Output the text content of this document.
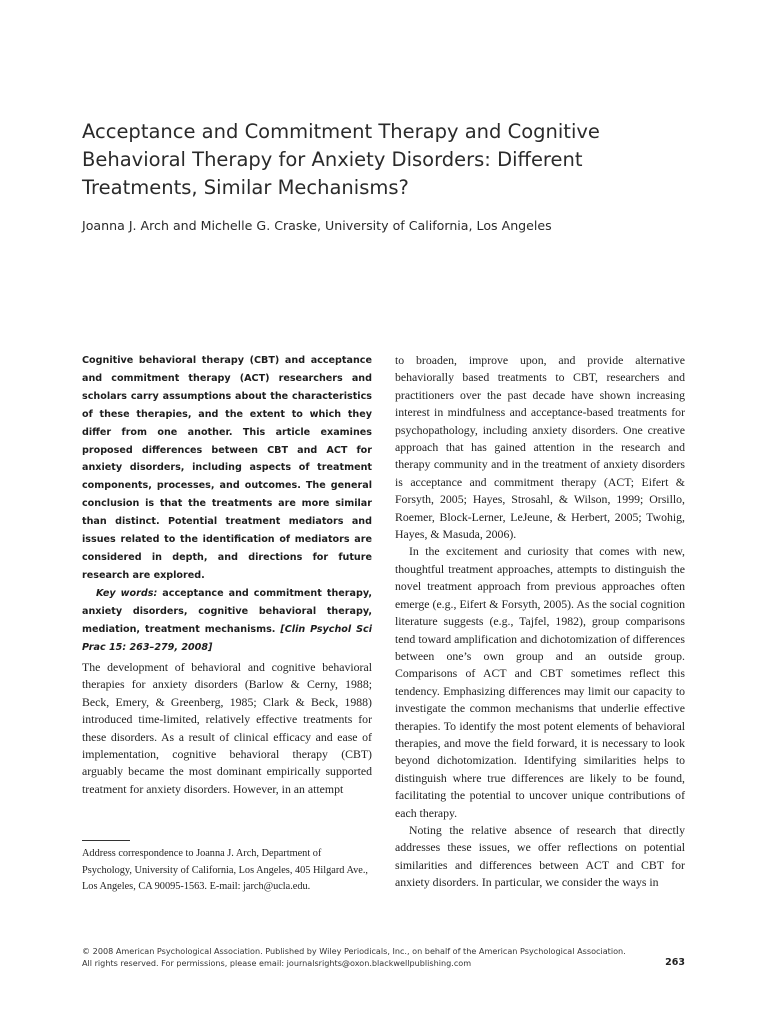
Acceptance and Commitment Therapy and Cognitive Behavioral Therapy for Anxiety Disorders: Different Treatments, Similar Mechanisms?
Joanna J. Arch and Michelle G. Craske, University of California, Los Angeles

Cognitive behavioral therapy (CBT) and acceptance and commitment therapy (ACT) researchers and scholars carry assumptions about the characteristics of these therapies, and the extent to which they differ from one another. This article examines proposed differences between CBT and ACT for anxiety disorders, including aspects of treatment components, processes, and outcomes. The general conclusion is that the treatments are more similar than distinct. Potential treatment mediators and issues related to the identification of mediators are considered in depth, and directions for future research are explored.

Key words: acceptance and commitment therapy, anxiety disorders, cognitive behavioral therapy, mediation, treatment mechanisms. [Clin Psychol Sci Prac 15: 263–279, 2008]

The development of behavioral and cognitive behavioral therapies for anxiety disorders (Barlow & Cerny, 1988; Beck, Emery, & Greenberg, 1985; Clark & Beck, 1988) introduced time-limited, relatively effective treatments for these disorders. As a result of clinical efficacy and ease of implementation, cognitive behavioral therapy (CBT) arguably became the most dominant empirically supported treatment for anxiety disorders. However, in an attempt

to broaden, improve upon, and provide alternative behaviorally based treatments to CBT, researchers and practitioners over the past decade have shown increasing interest in mindfulness and acceptance-based treatments for psychopathology, including anxiety disorders. One creative approach that has gained attention in the research and therapy community and in the treatment of anxiety disorders is acceptance and commitment therapy (ACT; Eifert & Forsyth, 2005; Hayes, Strosahl, & Wilson, 1999; Orsillo, Roemer, Block-Lerner, LeJeune, & Herbert, 2005; Twohig, Hayes, & Masuda, 2006).

In the excitement and curiosity that comes with new, thoughtful treatment approaches, attempts to distinguish the novel treatment approach from previous approaches often emerge (e.g., Eifert & Forsyth, 2005). As the social cognition literature suggests (e.g., Tajfel, 1982), group comparisons tend toward amplification and dichotomization of differences between one’s own group and an outside group. Comparisons of ACT and CBT sometimes reflect this tendency. Emphasizing differences may limit our capacity to investigate the common mechanisms that underlie effective therapies. To identify the most potent elements of behavioral therapies, and move the field forward, it is necessary to look beyond dichotomization. Identifying similarities helps to distinguish where true differences are likely to be found, facilitating the potential to uncover unique contributions of each therapy.

Noting the relative absence of research that directly addresses these issues, we offer reflections on potential similarities and differences between ACT and CBT for anxiety disorders. In particular, we consider the ways in

Address correspondence to Joanna J. Arch, Department of Psychology, University of California, Los Angeles, 405 Hilgard Ave., Los Angeles, CA 90095-1563. E-mail: jarch@ucla.edu.
© 2008 American Psychological Association. Published by Wiley Periodicals, Inc., on behalf of the American Psychological Association.
All rights reserved. For permissions, please email: journalsrights@oxon.blackwellpublishing.com	263
